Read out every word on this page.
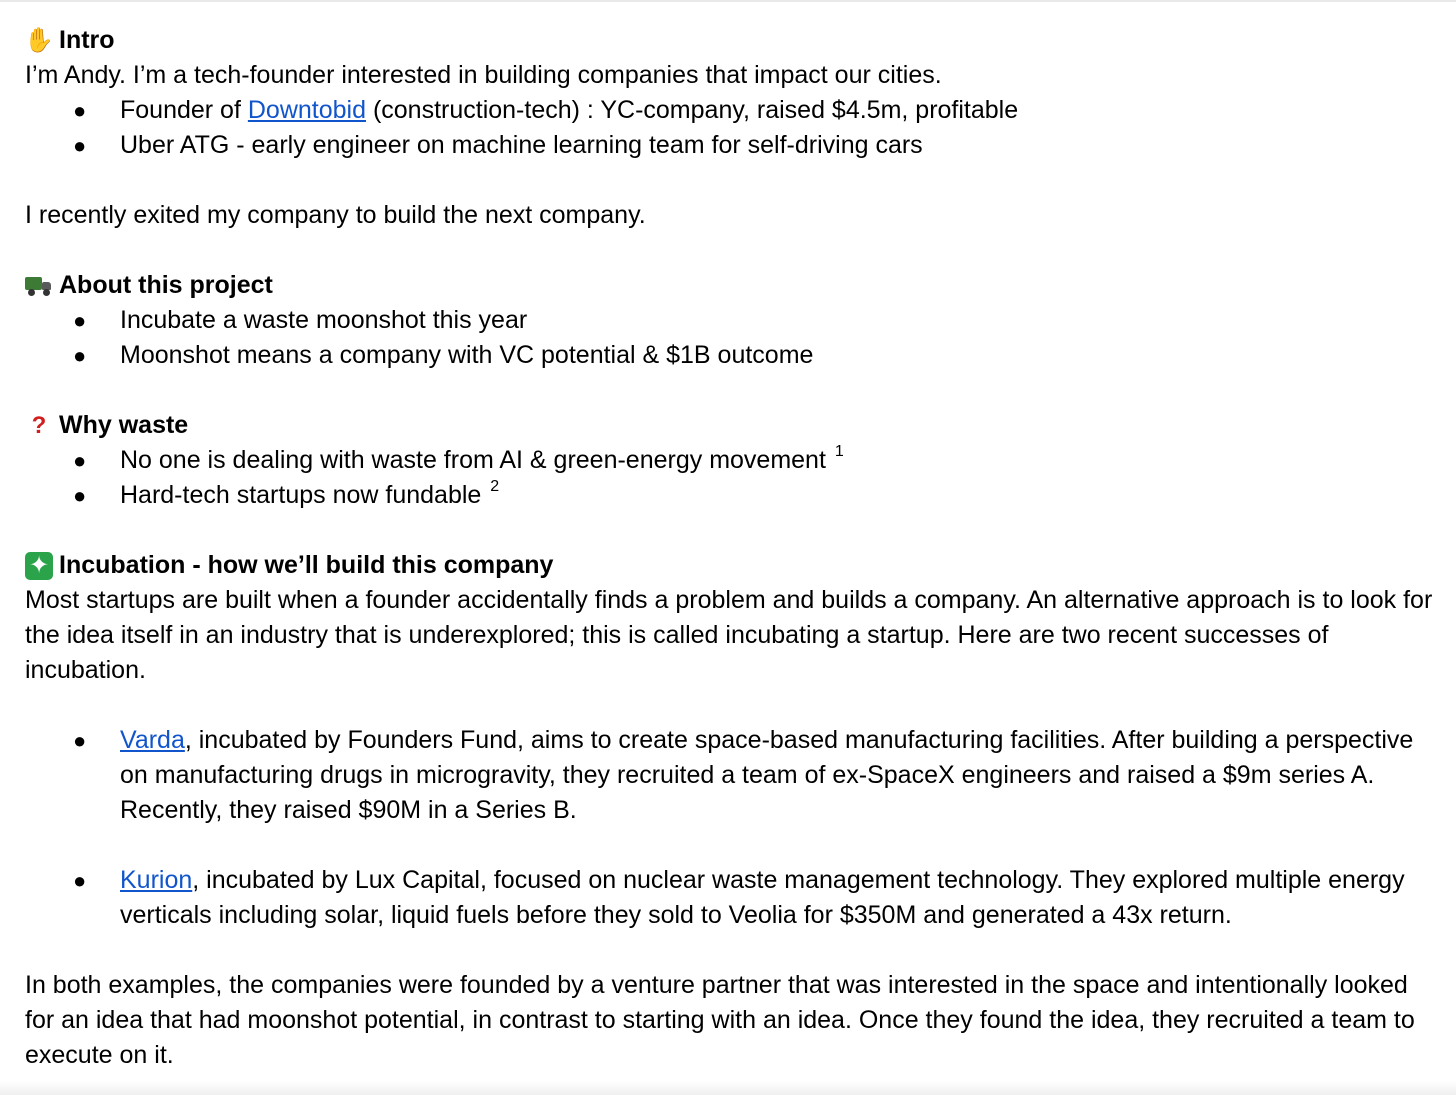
✋ Intro

I’m Andy. I’m a tech-founder interested in building companies that impact our cities.

● Founder of Downtobid (construction-tech) : YC-company, raised $4.5m, profitable
● Uber ATG - early engineer on machine learning team for self-driving cars

I recently exited my company to build the next company.

About this project
● Incubate a waste moonshot this year
● Moonshot means a company with VC potential & $1B outcome
? Why waste
● No one is dealing with waste from AI & green-energy movement $^1$
● Hard-tech startups now fundable $^2$
✦ Incubation - how we’ll build this company

Most startups are built when a founder accidentally finds a problem and builds a company. An alternative approach is to look for the idea itself in an industry that is underexplored; this is called incubating a startup. Here are two recent successes of incubation.

● Varda, incubated by Founders Fund, aims to create space-based manufacturing facilities. After building a perspective on manufacturing drugs in microgravity, they recruited a team of ex-SpaceX engineers and raised a $9m series A. Recently, they raised $90M in a Series B.
● Kurion, incubated by Lux Capital, focused on nuclear waste management technology. They explored multiple energy verticals including solar, liquid fuels before they sold to Veolia for $350M and generated a 43x return.

In both examples, the companies were founded by a venture partner that was interested in the space and intentionally looked for an idea that had moonshot potential, in contrast to starting with an idea. Once they found the idea, they recruited a team to execute on it.
